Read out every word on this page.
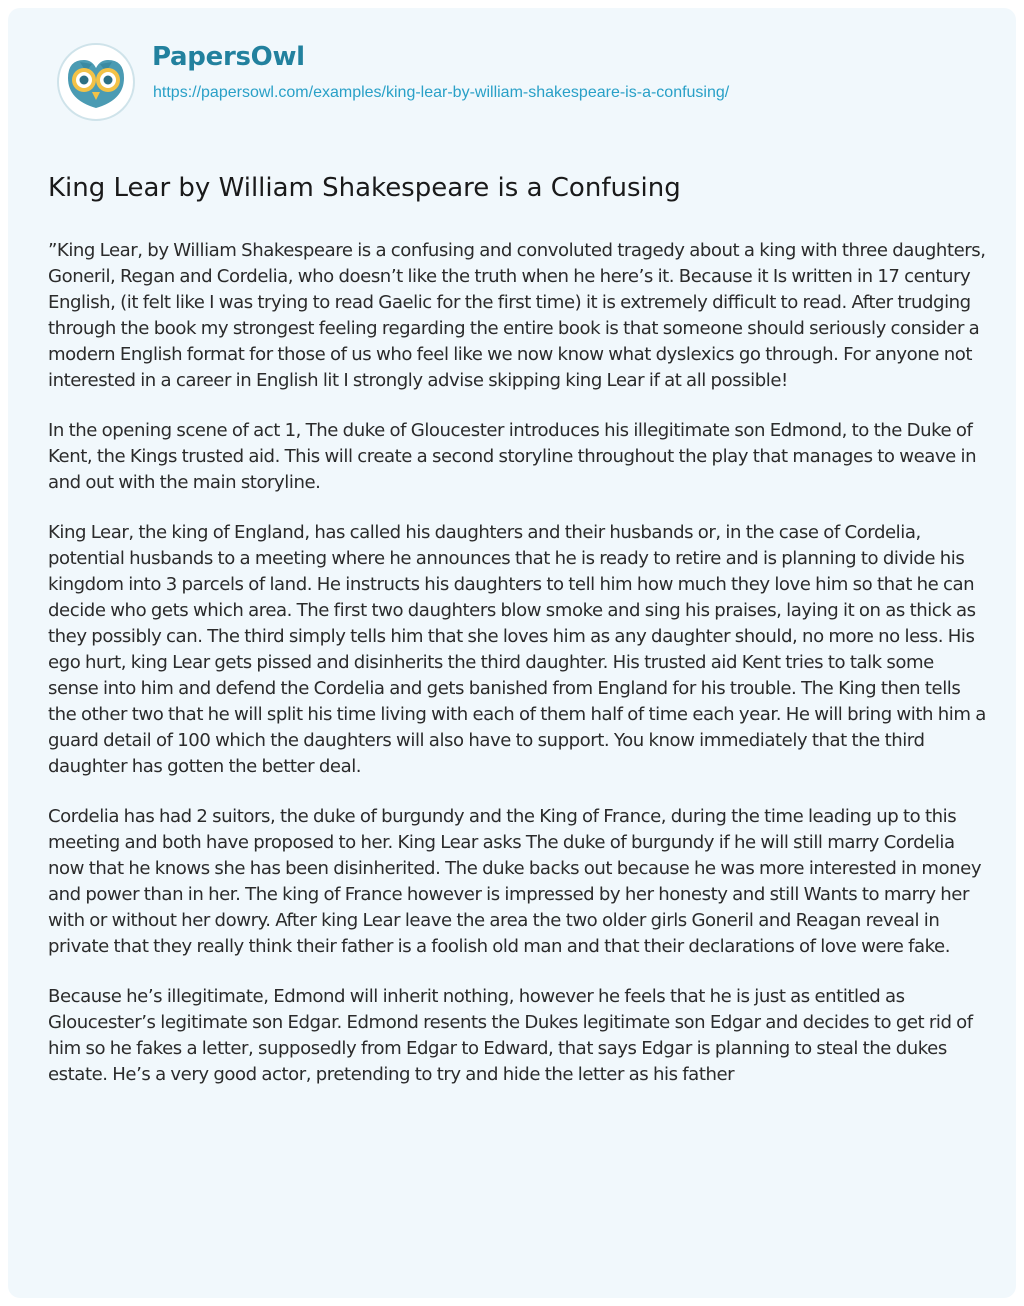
PapersOwl
https://papersowl.com/examples/king-lear-by-william-shakespeare-is-a-confusing/
King Lear by William Shakespeare is a Confusing

”King Lear, by William Shakespeare is a confusing and convoluted tragedy about a king with three daughters, Goneril, Regan and Cordelia, who doesn’t like the truth when he here’s it. Because it Is written in 17 century English, (it felt like I was trying to read Gaelic for the first time) it is extremely difficult to read. After trudging through the book my strongest feeling regarding the entire book is that someone should seriously consider a modern English format for those of us who feel like we now know what dyslexics go through. For anyone not interested in a career in English lit I strongly advise skipping king Lear if at all possible!

In the opening scene of act 1, The duke of Gloucester introduces his illegitimate son Edmond, to the Duke of Kent, the Kings trusted aid. This will create a second storyline throughout the play that manages to weave in and out with the main storyline.

King Lear, the king of England, has called his daughters and their husbands or, in the case of Cordelia, potential husbands to a meeting where he announces that he is ready to retire and is planning to divide his kingdom into 3 parcels of land. He instructs his daughters to tell him how much they love him so that he can decide who gets which area. The first two daughters blow smoke and sing his praises, laying it on as thick as they possibly can. The third simply tells him that she loves him as any daughter should, no more no less. His ego hurt, king Lear gets pissed and disinherits the third daughter. His trusted aid Kent tries to talk some sense into him and defend the Cordelia and gets banished from England for his trouble. The King then tells the other two that he will split his time living with each of them half of time each year. He will bring with him a guard detail of 100 which the daughters will also have to support. You know immediately that the third daughter has gotten the better deal.

Cordelia has had 2 suitors, the duke of burgundy and the King of France, during the time leading up to this meeting and both have proposed to her. King Lear asks The duke of burgundy if he will still marry Cordelia now that he knows she has been disinherited. The duke backs out because he was more interested in money and power than in her. The king of France however is impressed by her honesty and still Wants to marry her with or without her dowry. After king Lear leave the area the two older girls Goneril and Reagan reveal in private that they really think their father is a foolish old man and that their declarations of love were fake.

Because he’s illegitimate, Edmond will inherit nothing, however he feels that he is just as entitled as Gloucester’s legitimate son Edgar. Edmond resents the Dukes legitimate son Edgar and decides to get rid of him so he fakes a letter, supposedly from Edgar to Edward, that says Edgar is planning to steal the dukes estate. He’s a very good actor, pretending to try and hide the letter as his father
